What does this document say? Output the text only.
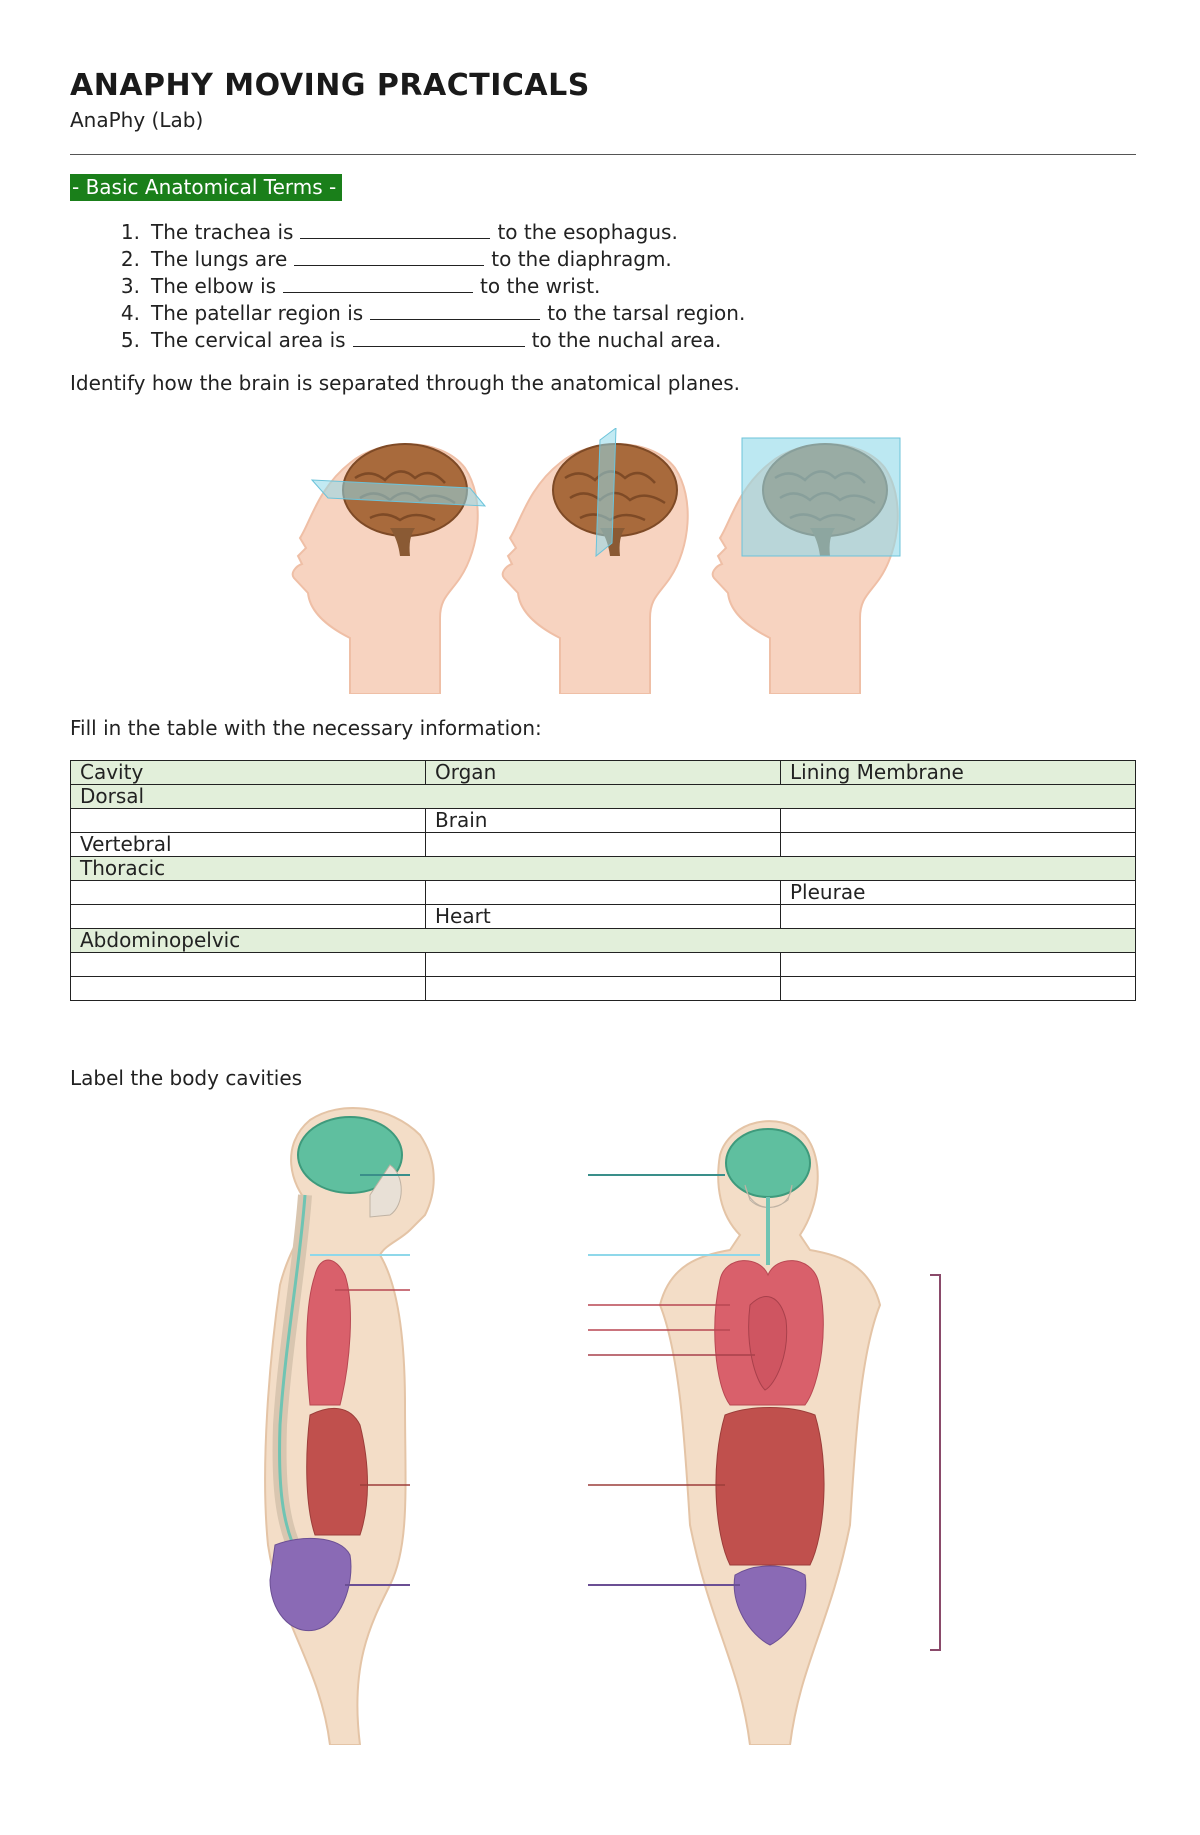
ANAPHY MOVING PRACTICALS
AnaPhy (Lab)
- Basic Anatomical Terms -
1. The trachea is	to the esophagus.
2. The lungs are	to the diaphragm.
3. The elbow is	to the wrist.
4. The patellar region is	to the tarsal region.
5. The cervical area is	to the nuchal area.
Identify how the brain is separated through the anatomical planes.
Fill in the table with the necessary information:
Cavity	Organ	Lining Membrane
Dorsal		
	Brain	
Vertebral		
Thoracic		
		Pleurae
	Heart	
Abdominopelvic		

Label the body cavities
